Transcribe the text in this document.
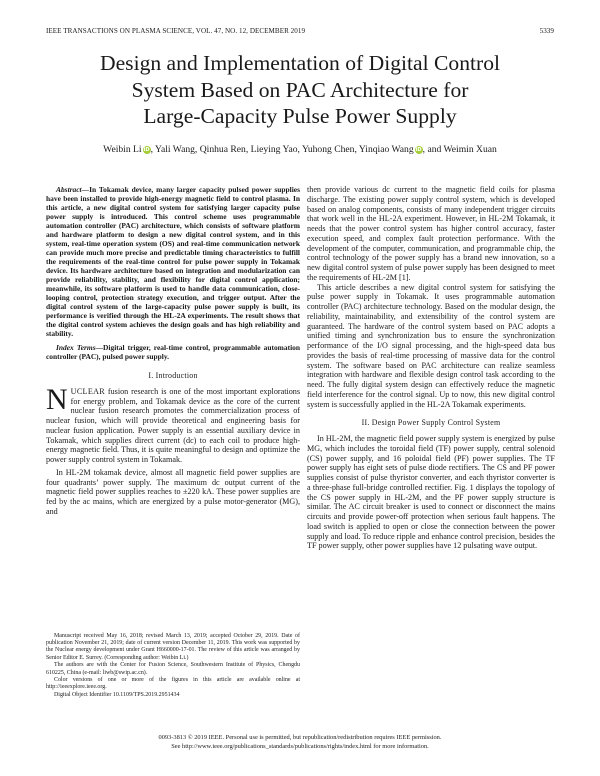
IEEE TRANSACTIONS ON PLASMA SCIENCE, VOL. 47, NO. 12, DECEMBER 2019	5339
Design and Implementation of Digital Control
System Based on PAC Architecture for
Large-Capacity Pulse Power Supply
Weibin Li iD, Yali Wang, Qinhua Ren, Lieying Yao, Yuhong Chen, Yinqiao Wang iD, and Weimin Xuan

Abstract—In Tokamak device, many larger capacity pulsed power supplies have been installed to provide high-energy magnetic field to control plasma. In this article, a new digital control system for satisfying larger capacity pulse power supply is introduced. This control scheme uses programmable automation controller (PAC) architecture, which consists of software platform and hardware platform to design a new digital control system, and in this system, real-time operation system (OS) and real-time communication network can provide much more precise and predictable timing characteristics to fulfill the requirements of the real-time control for pulse power supply in Tokamak device. Its hardware architecture based on integration and modularization can provide reliability, stability, and flexibility for digital control application; meanwhile, its software platform is used to handle data communication, close-looping control, protection strategy execution, and trigger output. After the digital control system of the large-capacity pulse power supply is built, its performance is verified through the HL-2A experiments. The result shows that the digital control system achieves the design goals and has high reliability and stability.

Index Terms—Digital trigger, real-time control, programmable automation controller (PAC), pulsed power supply.

I. Introduction

NUCLEAR fusion research is one of the most important explorations for energy problem, and Tokamak device as the core of the current nuclear fusion research promotes the commercialization process of nuclear fusion, which will provide theoretical and engineering basis for nuclear fusion application. Power supply is an essential auxiliary device in Tokamak, which supplies direct current (dc) to each coil to produce high-energy magnetic field. Thus, it is quite meaningful to design and optimize the power supply control system in Tokamak.

In HL-2M tokamak device, almost all magnetic field power supplies are four quadrants’ power supply. The maximum dc output current of the magnetic field power supplies reaches to ±220 kA. These power supplies are fed by the ac mains, which are energized by a pulse motor-generator (MG), and

then provide various dc current to the magnetic field coils for plasma discharge. The existing power supply control system, which is developed based on analog components, consists of many independent trigger circuits that work well in the HL-2A experiment. However, in HL-2M Tokamak, it needs that the power control system has higher control accuracy, faster execution speed, and complex fault protection performance. With the development of the computer, communication, and programmable chip, the control technology of the power supply has a brand new innovation, so a new digital control system of pulse power supply has been designed to meet the requirements of HL-2M [1].

This article describes a new digital control system for satisfying the pulse power supply in Tokamak. It uses programmable automation controller (PAC) architecture technology. Based on the modular design, the reliability, maintainability, and extensibility of the control system are guaranteed. The hardware of the control system based on PAC adopts a unified timing and synchronization bus to ensure the synchronization performance of the I/O signal processing, and the high-speed data bus provides the basis of real-time processing of massive data for the control system. The software based on PAC architecture can realize seamless integration with hardware and flexible design control task according to the need. The fully digital system design can effectively reduce the magnetic field interference for the control signal. Up to now, this new digital control system is successfully applied in the HL-2A Tokamak experiments.

II. Design Power Supply Control System

In HL-2M, the magnetic field power supply system is energized by pulse MG, which includes the toroidal field (TF) power supply, central solenoid (CS) power supply, and 16 poloidal field (PF) power supplies. The TF power supply has eight sets of pulse diode rectifiers. The CS and PF power supplies consist of pulse thyristor converter, and each thyristor converter is a three-phase full-bridge controlled rectifier. Fig. 1 displays the topology of the CS power supply in HL-2M, and the PF power supply structure is similar. The AC circuit breaker is used to connect or disconnect the mains circuits and provide power-off protection when serious fault happens. The load switch is applied to open or close the connection between the power supply and load. To reduce ripple and enhance control precision, besides the TF power supply, other power supplies have 12 pulsating wave output.

Manuscript received May 16, 2018; revised March 13, 2019; accepted October 29, 2019. Date of publication November 21, 2019; date of current version December 11, 2019. This work was supported by the Nuclear energy development under Grant H660000-17-01. The review of this article was arranged by Senior Editor E. Surrey. (Corresponding author: Weibin Li.)

The authors are with the Center for Fusion Science, Southwestern Institute of Physics, Chengdu 610225, China (e-mail: liwb@swip.ac.cn).

Color versions of one or more of the figures in this article are available online at http://ieeexplore.ieee.org.

Digital Object Identifier 10.1109/TPS.2019.2951434

0093-3813 © 2019 IEEE. Personal use is permitted, but republication/redistribution requires IEEE permission.
See http://www.ieee.org/publications_standards/publications/rights/index.html for more information.
